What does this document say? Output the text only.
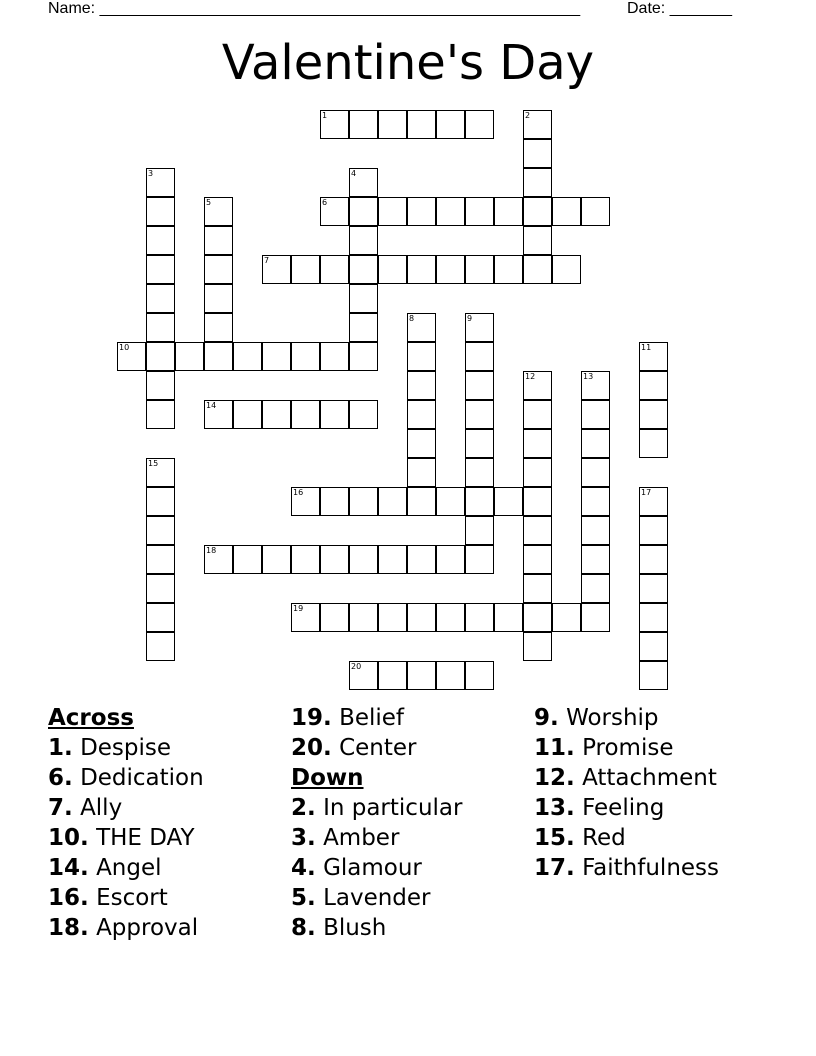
Name: ______________________________________________________	Date: _______
Valentine's Day
1	2
3	4
5	6
7
8	9
10	11
12	13
14
15
16	17
18
19
20
Across
1. Despise
6. Dedication
7. Ally
10. THE DAY
14. Angel
16. Escort
18. Approval
19. Belief
20. Center
Down
2. In particular
3. Amber
4. Glamour
5. Lavender
8. Blush
9. Worship
11. Promise
12. Attachment
13. Feeling
15. Red
17. Faithfulness
